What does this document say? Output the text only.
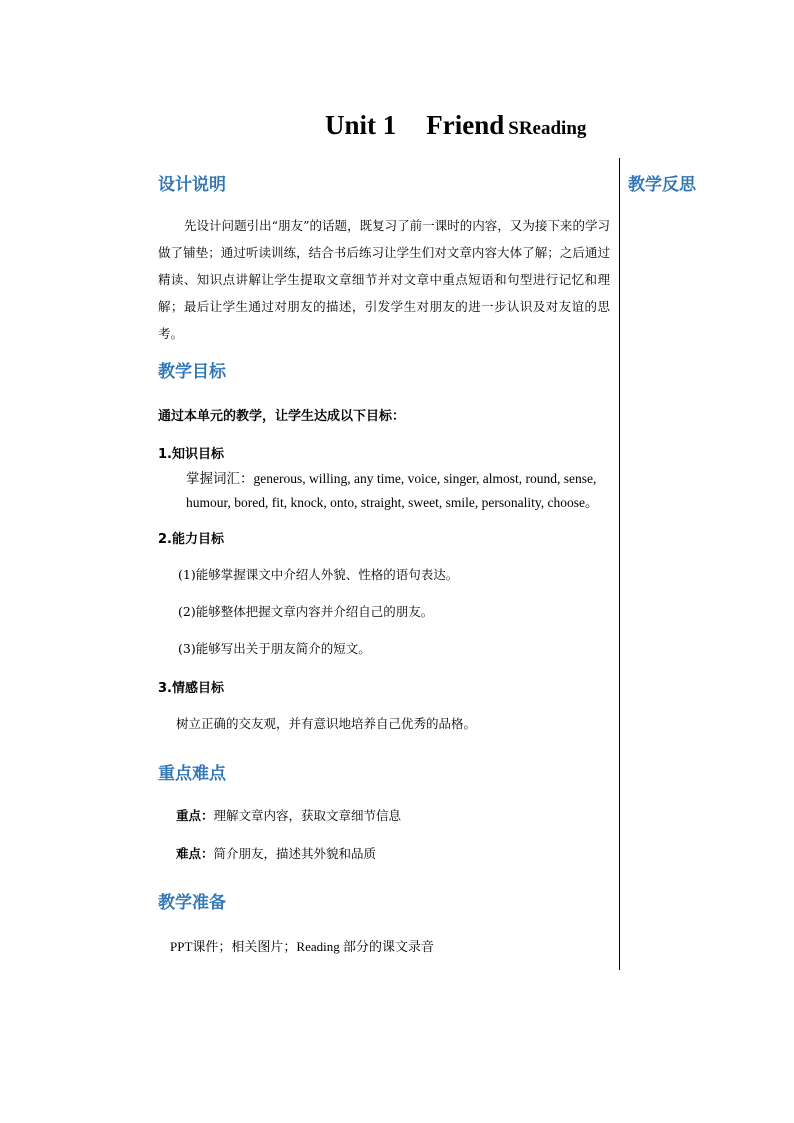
Unit 1 Friend SReading
设计说明	教学反思
先设计问题引出“朋友”的话题，既复习了前一课时的内容，又为接下来的学习做了铺垫；通过听读训练，结合书后练习让学生们对文章内容大体了解；之后通过精读、知识点讲解让学生提取文章细节并对文章中重点短语和句型进行记忆和理解；最后让学生通过对朋友的描述，引发学生对朋友的进一步认识及对友谊的思考。
教学目标
通过本单元的教学，让学生达成以下目标：
1.知识目标
掌握词汇：generous, willing, any time, voice, singer, almost, round, sense,
humour, bored, fit, knock, onto, straight, sweet, smile, personality, choose。
2.能力目标
(1)能够掌握课文中介绍人外貌、性格的语句表达。
(2)能够整体把握文章内容并介绍自己的朋友。
(3)能够写出关于朋友简介的短文。
3.情感目标
树立正确的交友观，并有意识地培养自己优秀的品格。
重点难点
重点：理解文章内容，获取文章细节信息
难点：简介朋友，描述其外貌和品质
教学准备
PPT课件；相关图片；Reading 部分的课文录音
